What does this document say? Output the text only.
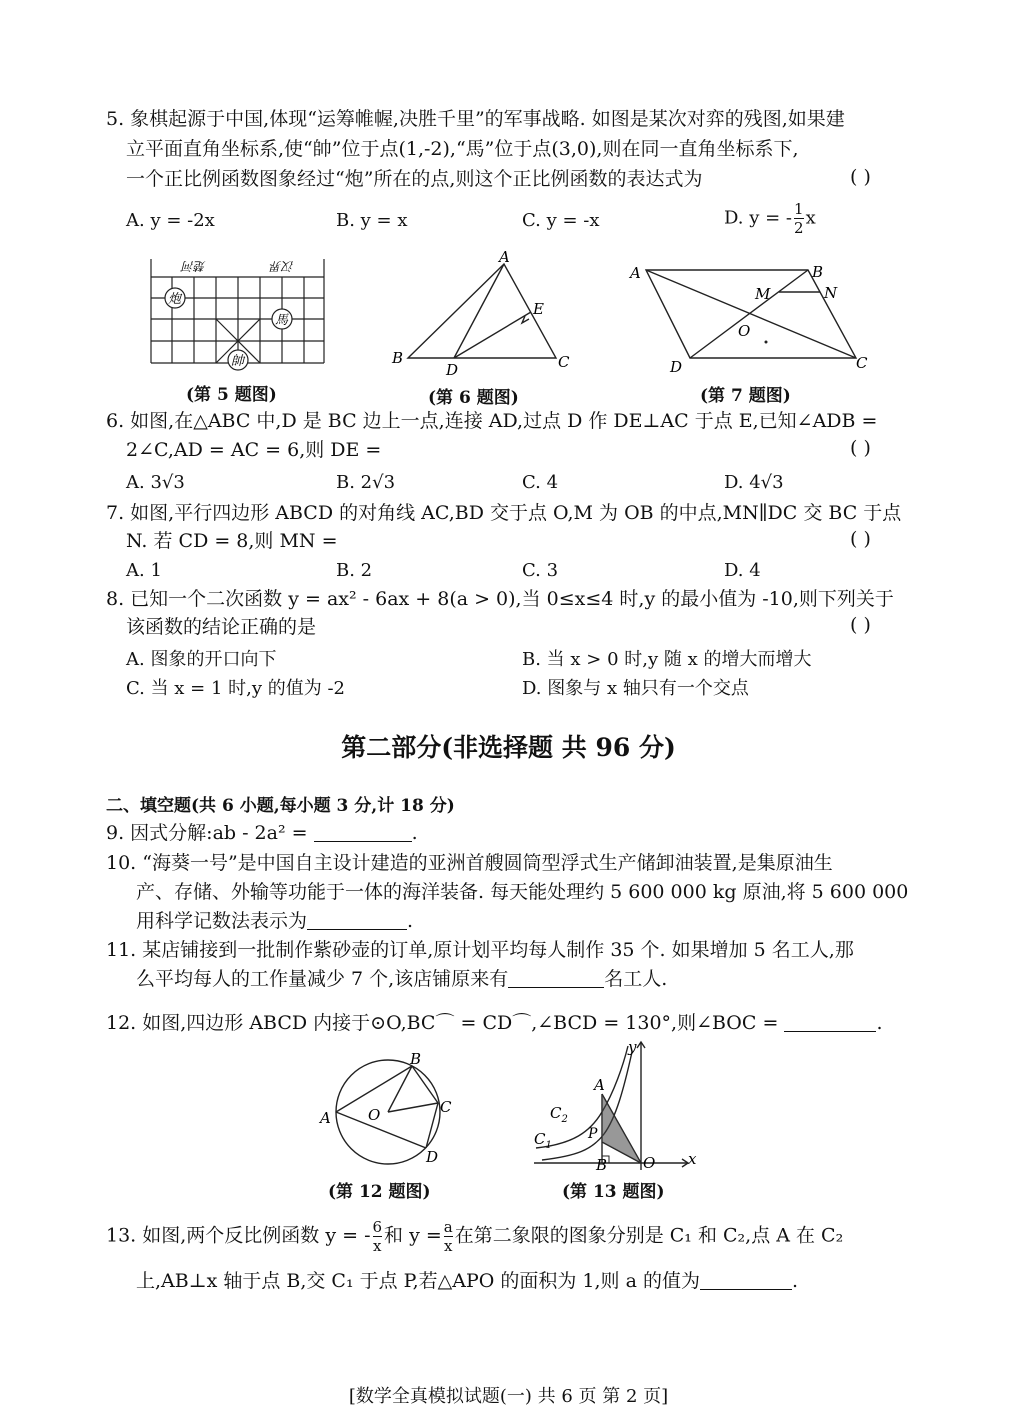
5. 象棋起源于中国,体现“运筹帷幄,决胜千里”的军事战略. 如图是某次对弈的残图,如果建
立平面直角坐标系,使“帥”位于点(1,-2),“馬”位于点(3,0),则在同一直角坐标系下,
一个正比例函数图象经过“炮”所在的点,则这个正比例函数的表达式为	( )
A. y = -2x	B. y = x	C. y = -x	D. y = - $\frac{1}{2}$ x
楚河	汉界
炮
馬
帥
(第 5 题图)
A
B	C
D
E
(第 6 题图)
A	B
C
D
M	N
O
(第 7 题图)
6. 如图,在△ABC 中,D 是 BC 边上一点,连接 AD,过点 D 作 DE⊥AC 于点 E,已知∠ADB =
2∠C,AD = AC = 6,则 DE =	( )
A. 3√3	B. 2√3	C. 4	D. 4√3
7. 如图,平行四边形 ABCD 的对角线 AC,BD 交于点 O,M 为 OB 的中点,MN∥DC 交 BC 于点
N. 若 CD = 8,则 MN =	( )
A. 1	B. 2	C. 3	D. 4
8. 已知一个二次函数 y = ax² - 6ax + 8(a > 0),当 0≤x≤4 时,y 的最小值为 -10,则下列关于
该函数的结论正确的是	( )
A. 图象的开口向下	B. 当 x > 0 时,y 随 x 的增大而增大
C. 当 x = 1 时,y 的值为 -2	D. 图象与 x 轴只有一个交点
第二部分(非选择题 共 96 分)
二、填空题(共 6 小题,每小题 3 分,计 18 分)
9. 因式分解:ab - 2a² =	.
10. “海葵一号”是中国自主设计建造的亚洲首艘圆筒型浮式生产储卸油装置,是集原油生
产、存储、外输等功能于一体的海洋装备. 每天能处理约 5 600 000 kg 原油,将 5 600 000
用科学记数法表示为	.
11. 某店铺接到一批制作紫砂壶的订单,原计划平均每人制作 35 个. 如果增加 5 名工人,那
么平均每人的工作量减少 7 个,该店铺原来有	名工人.
12. 如图,四边形 ABCD 内接于⊙O,BC⌒ = CD⌒,∠BCD = 130°,则∠BOC =	.
A
B
C
D
O
(第 12 题图)
y
x
A
P
B O
$C_2$
$C_1$
(第 13 题图)
13. 如图,两个反比例函数 y = - $\frac{6}{x}$ 和 $y = \frac{a}{x}$ 在第二象限的图象分别是 C₁ 和 C₂,点 A 在 C₂
上,AB⊥x 轴于点 B,交 C₁ 于点 P,若△APO 的面积为 1,则 a 的值为	.
[数学全真模拟试题(一) 共 6 页 第 2 页]
